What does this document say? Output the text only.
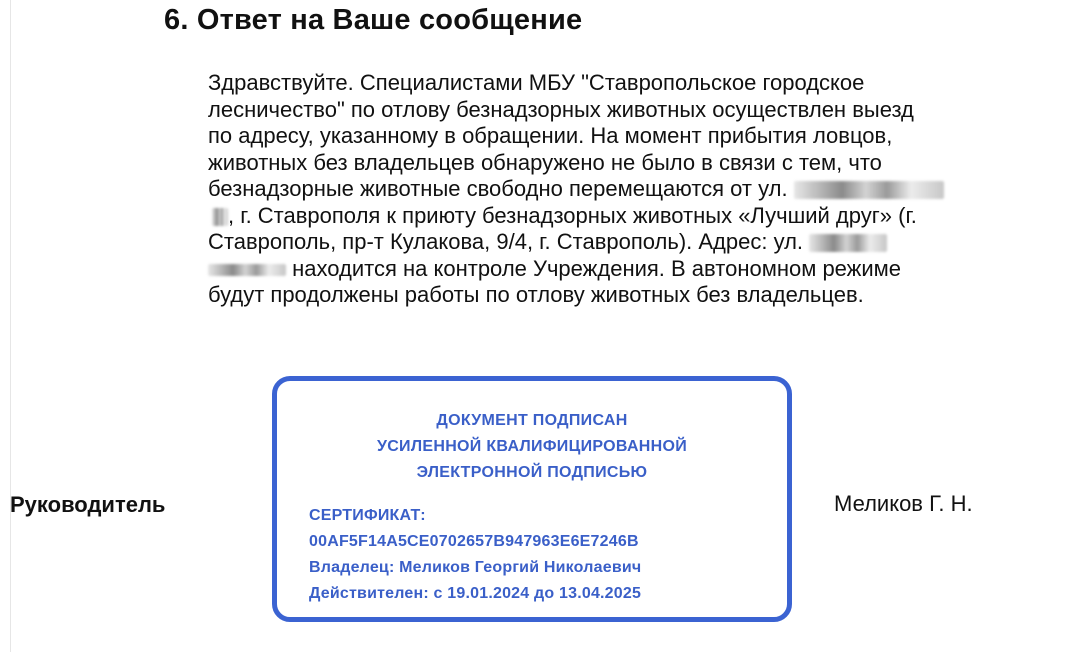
6. Ответ на Ваше сообщение
Здравствуйте. Специалистами МБУ "Ставропольское городское
лесничество" по отлову безнадзорных животных осуществлен выезд
по адресу, указанному в обращении. На момент прибытия ловцов,
животных без владельцев обнаружено не было в связи с тем, что
безнадзорные животные свободно перемещаются от ул.
, г. Ставрополя к приюту безнадзорных животных «Лучший друг» (г.
Ставрополь, пр-т Кулакова, 9/4, г. Ставрополь). Адрес: ул.
находится на контроле Учреждения. В автономном режиме
будут продолжены работы по отлову животных без владельцев.
Руководитель
ДОКУМЕНТ ПОДПИСАН
УСИЛЕННОЙ КВАЛИФИЦИРОВАННОЙ
ЭЛЕКТРОННОЙ ПОДПИСЬЮ
СЕРТИФИКАТ:
00AF5F14A5CE0702657B947963E6E7246B
Владелец: Меликов Георгий Николаевич
Действителен: с 19.01.2024 до 13.04.2025
Меликов Г. Н.
